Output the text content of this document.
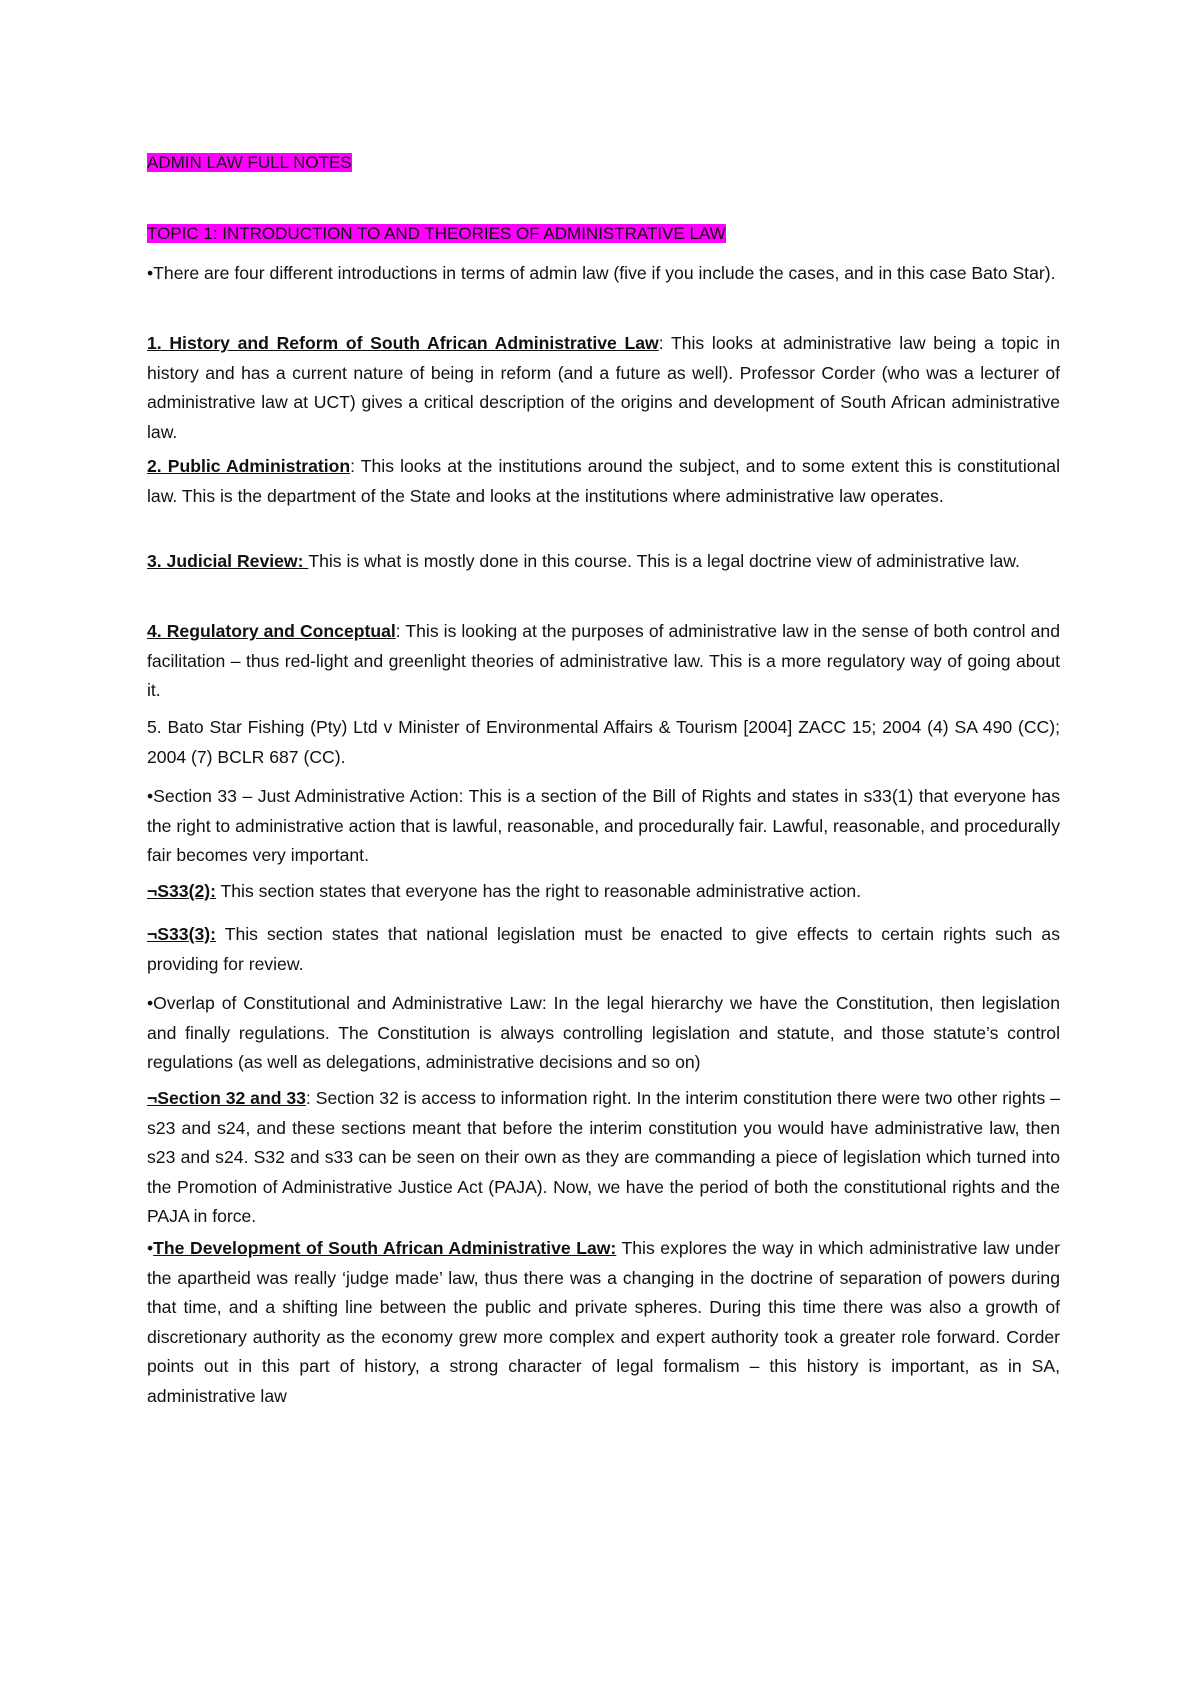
ADMIN LAW FULL NOTES
TOPIC 1: INTRODUCTION TO AND THEORIES OF ADMINISTRATIVE LAW
•There are four different introductions in terms of admin law (five if you include the cases, and in this case Bato Star).
1. History and Reform of South African Administrative Law: This looks at administrative law being a topic in history and has a current nature of being in reform (and a future as well). Professor Corder (who was a lecturer of administrative law at UCT) gives a critical description of the origins and development of South African administrative law.
2. Public Administration: This looks at the institutions around the subject, and to some extent this is constitutional law. This is the department of the State and looks at the institutions where administrative law operates.
3. Judicial Review: This is what is mostly done in this course. This is a legal doctrine view of administrative law.
4. Regulatory and Conceptual: This is looking at the purposes of administrative law in the sense of both control and facilitation – thus red-light and greenlight theories of administrative law. This is a more regulatory way of going about it.
5. Bato Star Fishing (Pty) Ltd v Minister of Environmental Affairs & Tourism [2004] ZACC 15; 2004 (4) SA 490 (CC); 2004 (7) BCLR 687 (CC).
•Section 33 – Just Administrative Action: This is a section of the Bill of Rights and states in s33(1) that everyone has the right to administrative action that is lawful, reasonable, and procedurally fair. Lawful, reasonable, and procedurally fair becomes very important.
¬S33(2): This section states that everyone has the right to reasonable administrative action.
¬S33(3): This section states that national legislation must be enacted to give effects to certain rights such as providing for review.
•Overlap of Constitutional and Administrative Law: In the legal hierarchy we have the Constitution, then legislation and finally regulations. The Constitution is always controlling legislation and statute, and those statute’s control regulations (as well as delegations, administrative decisions and so on)
¬Section 32 and 33: Section 32 is access to information right. In the interim constitution there were two other rights – s23 and s24, and these sections meant that before the interim constitution you would have administrative law, then s23 and s24. S32 and s33 can be seen on their own as they are commanding a piece of legislation which turned into the Promotion of Administrative Justice Act (PAJA). Now, we have the period of both the constitutional rights and the PAJA in force.
•The Development of South African Administrative Law: This explores the way in which administrative law under the apartheid was really ‘judge made’ law, thus there was a changing in the doctrine of separation of powers during that time, and a shifting line between the public and private spheres. During this time there was also a growth of discretionary authority as the economy grew more complex and expert authority took a greater role forward. Corder points out in this part of history, a strong character of legal formalism – this history is important, as in SA, administrative law
